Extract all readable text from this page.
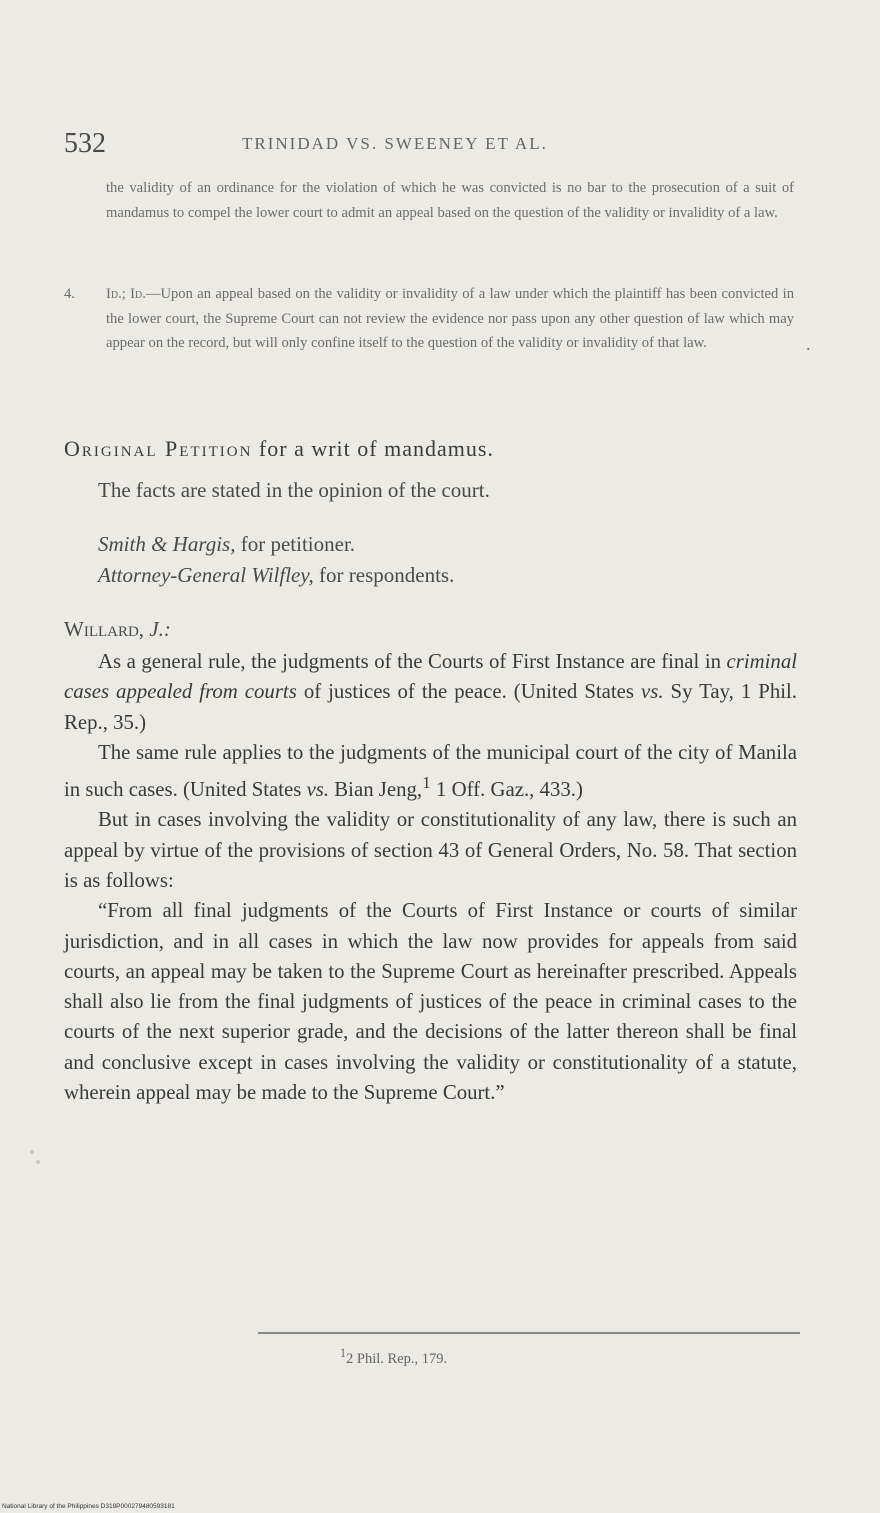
532	TRINIDAD VS. SWEENEY ET AL.

the validity of an ordinance for the violation of which he was convicted is no bar to the prosecution of a suit of mandamus to compel the lower court to admit an appeal based on the question of the validity or invalidity of a law.

4. Id.; Id.—Upon an appeal based on the validity or invalidity of a law under which the plaintiff has been convicted in the lower court, the Supreme Court can not review the evidence nor pass upon any other question of law which may appear on the record, but will only confine itself to the question of the validity or invalidity of that law.	.

Original Petition for a writ of mandamus.

The facts are stated in the opinion of the court.

Smith & Hargis, for petitioner.

Attorney-General Wilfley, for respondents.

Willard, J.:

As a general rule, the judgments of the Courts of First Instance are final in criminal cases appealed from courts of justices of the peace. (United States vs. Sy Tay, 1 Phil. Rep., 35.)

The same rule applies to the judgments of the municipal court of the city of Manila in such cases. (United States vs. Bian Jeng,$^1$ 1 Off. Gaz., 433.)

But in cases involving the validity or constitutionality of any law, there is such an appeal by virtue of the provisions of section 43 of General Orders, No. 58. That section is as follows:

“From all final judgments of the Courts of First Instance or courts of similar jurisdiction, and in all cases in which the law now provides for appeals from said courts, an appeal may be taken to the Supreme Court as hereinafter prescribed. Appeals shall also lie from the final judgments of justices of the peace in criminal cases to the courts of the next superior grade, and the decisions of the latter thereon shall be final and conclusive except in cases involving the validity or constitutionality of a statute, wherein appeal may be made to the Supreme Court.”

$^1$2 Phil. Rep., 179.

National Library of the Philippines D319P000279480593181
